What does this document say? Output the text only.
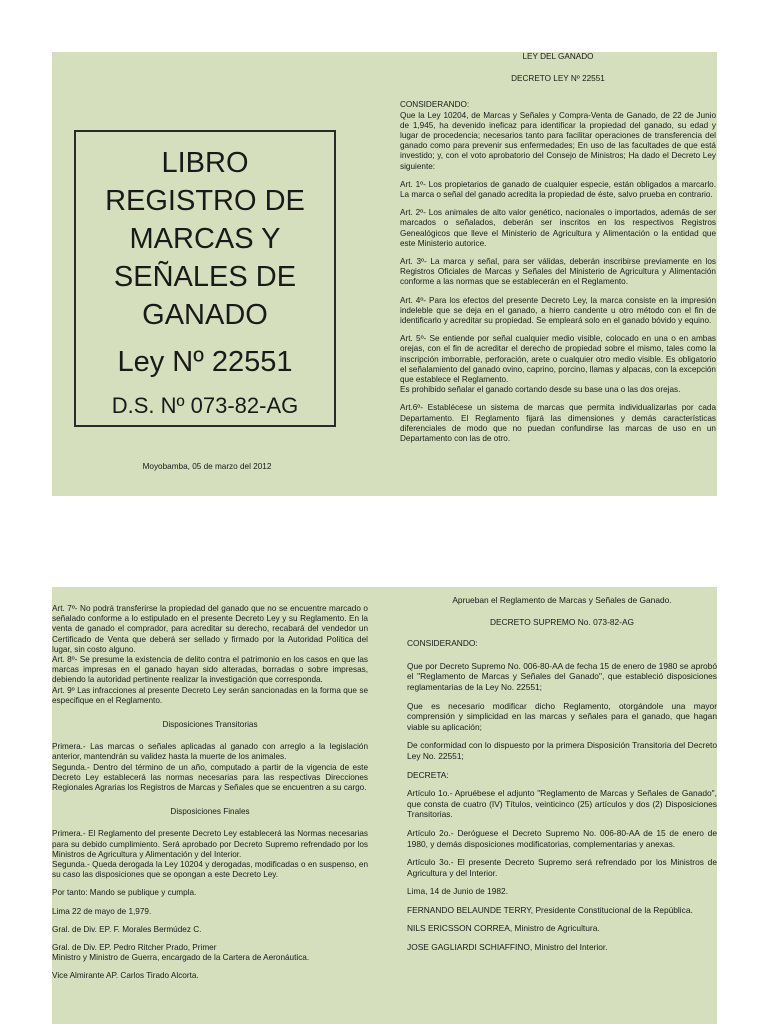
LIBRO
REGISTRO DE
MARCAS Y
SEÑALES DE
GANADO
Ley Nº 22551
D.S. Nº 073-82-AG
Moyobamba, 05 de marzo del 2012
LEY DEL GANADO
DECRETO LEY Nº 22551
CONSIDERANDO:
Que la Ley 10204, de Marcas y Señales y Compra-Venta de Ganado, de 22 de Junio de 1,945, ha devenido ineficaz para identificar la propiedad del ganado, su edad y lugar de procedencia; necesarios tanto para facilitar operaciones de transferencia del ganado como para prevenir sus enfermedades; En uso de las facultades de que está investido; y, con el voto aprobatorio del Consejo de Ministros; Ha dado el Decreto Ley siguiente:
Art. 1º- Los propietarios de ganado de cualquier especie, están obligados a marcarlo. La marca o señal del ganado acredita la propiedad de éste, salvo prueba en contrario.
Art. 2º- Los animales de alto valor genético, nacionales o importados, además de ser marcados o señalados, deberán ser inscritos en los respectivos Registros Genealógicos que lleve el Ministerio de Agricultura y Alimentación o la entidad que este Ministerio autorice.
Art. 3º- La marca y señal, para ser válidas, deberán inscribirse previamente en los Registros Oficiales de Marcas y Señales del Ministerio de Agricultura y Alimentación conforme a las normas que se establecerán en el Reglamento.
Art. 4º- Para los efectos del presente Decreto Ley, la marca consiste en la impresión indeleble que se deja en el ganado, a hierro candente u otro método con el fin de identificarlo y acreditar su propiedad. Se empleará solo en el ganado bóvido y equino.
Art. 5º- Se entiende por señal cualquier medio visible, colocado en una o en ambas orejas, con el fin de acreditar el derecho de propiedad sobre el mismo, tales como la inscripción imborrable, perforación, arete o cualquier otro medio visible. Es obligatorio el señalamiento del ganado ovino, caprino, porcino, llamas y alpacas, con la excepción que establece el Reglamento.
Es prohibido señalar el ganado cortando desde su base una o las dos orejas.
Art.6º- Establécese un sistema de marcas que permita individualizarlas por cada Departamento. El Reglamento fijará las dimensiones y demás características diferenciales de modo que no puedan confundirse las marcas de uso en un Departamento con las de otro.
Art. 7º- No podrá transferirse la propiedad del ganado que no se encuentre marcado o señalado conforme a lo estipulado en el presente Decreto Ley y su Reglamento. En la venta de ganado el comprador, para acreditar su derecho, recabará del vendedor un Certificado de Venta que deberá ser sellado y firmado por la Autoridad Política del lugar, sin costo alguno.
Art. 8º- Se presume la existencia de delito contra el patrimonio en los casos en que las marcas impresas en el ganado hayan sido alteradas, borradas o sobre impresas, debiendo la autoridad pertinente realizar la investigación que corresponda.
Art. 9º Las infracciones al presente Decreto Ley serán sancionadas en la forma que se especifique en el Reglamento.
Disposiciones Transitorias
Primera.- Las marcas o señales aplicadas al ganado con arreglo a la legislación anterior, mantendrán su validez hasta la muerte de los animales.
Segunda.- Dentro del término de un año, computado a partir de la vigencia de este Decreto Ley establecerá las normas necesarias para las respectivas Direcciones Regionales Agrarias los Registros de Marcas y Señales que se encuentren a su cargo.
Disposiciones Finales
Primera.- El Reglamento del presente Decreto Ley establecerá las Normas necesarias para su debido cumplimiento. Será aprobado por Decreto Supremo refrendado por los Ministros de Agricultura y Alimentación y del Interior.
Segunda.- Queda derogada la Ley 10204 y derogadas, modificadas o en suspenso, en su caso las disposiciones que se opongan a este Decreto Ley.
Por tanto: Mando se publique y cumpla.
Lima 22 de mayo de 1,979.
Gral. de Div. EP. F. Morales Bermúdez C.
Gral. de Div. EP. Pedro Ritcher Prado, Primer
Ministro y Ministro de Guerra, encargado de la Cartera de Aeronáutica.
Vice Almirante AP. Carlos Tirado Alcorta.
Aprueban el Reglamento de Marcas y Señales de Ganado.
DECRETO SUPREMO No. 073-82-AG
CONSIDERANDO:
Que por Decreto Supremo No. 006-80-AA de fecha 15 de enero de 1980 se aprobó el "Reglamento de Marcas y Señales del Ganado", que estableció disposiciones reglamentarias de la Ley No. 22551;
Que es necesario modificar dicho Reglamento, otorgándole una mayor comprensión y simplicidad en las marcas y señales para el ganado, que hagan viable su aplicación;
De conformidad con lo dispuesto por la primera Disposición Transitoria del Decreto Ley No. 22551;
DECRETA:
Artículo 1o.- Apruébese el adjunto "Reglamento de Marcas y Señales de Ganado", que consta de cuatro (IV) Títulos, veinticinco (25) artículos y dos (2) Disposiciones Transitorias.
Artículo 2o.- Deróguese el Decreto Supremo No. 006-80-AA de 15 de enero de 1980, y demás disposiciones modificatorias, complementarias y anexas.
Artículo 3o.- El presente Decreto Supremo será refrendado por los Ministros de Agricultura y del Interior.
Lima, 14 de Junio de 1982.
FERNANDO BELAUNDE TERRY, Presidente Constitucional de la República.
NILS ERICSSON CORREA, Ministro de Agricultura.
JOSE GAGLIARDI SCHIAFFINO, Ministro del Interior.
